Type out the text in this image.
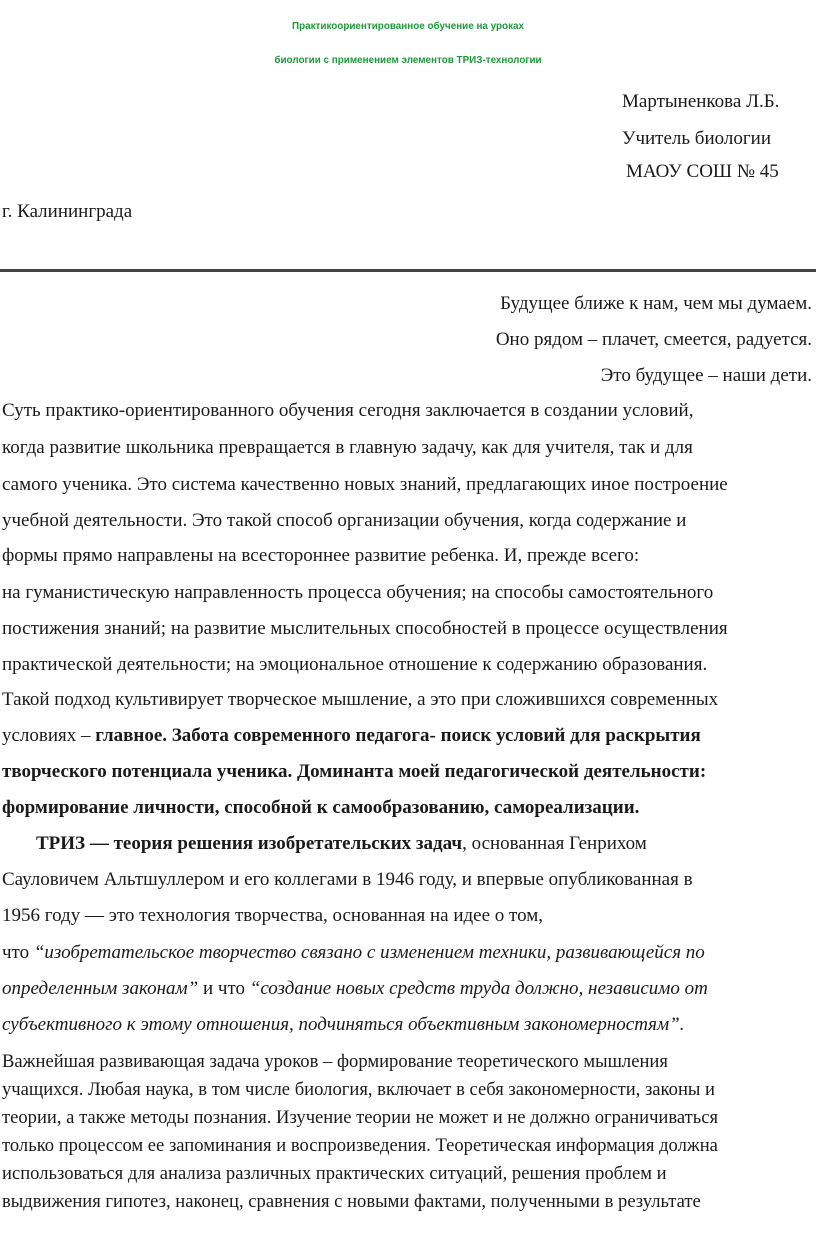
Практикоориентированное обучение на уроках
биологии с применением элементов ТРИЗ-технологии
Мартыненкова Л.Б.
Учитель биологии
МАОУ СОШ № 45
г. Калининграда
Будущее ближе к нам, чем мы думаем.
Оно рядом – плачет, смеется, радуется.
Это будущее – наши дети.
Суть практико-ориентированного обучения сегодня заключается в создании условий,
когда развитие школьника превращается в главную задачу, как для учителя, так и для
самого ученика. Это система качественно новых знаний, предлагающих иное построение
учебной деятельности. Это такой способ организации обучения, когда содержание и
формы прямо направлены на всестороннее развитие ребенка. И, прежде всего:
на гуманистическую направленность процесса обучения; на способы самостоятельного
постижения знаний; на развитие мыслительных способностей в процессе осуществления
практической деятельности; на эмоциональное отношение к содержанию образования.
Такой подход культивирует творческое мышление, а это при сложившихся современных
условиях – главное. Забота современного педагога- поиск условий для раскрытия
творческого потенциала ученика. Доминанта моей педагогической деятельности:
формирование личности, способной к самообразованию, самореализации.
ТРИЗ — теория решения изобретательских задач, основанная Генрихом
Сауловичем Альтшуллером и его коллегами в 1946 году, и впервые опубликованная в
1956 году — это технология творчества, основанная на идее о том,
что “изобретательское творчество связано с изменением техники, развивающейся по
определенным законам” и что “создание новых средств труда должно, независимо от
субъективного к этому отношения, подчиняться объективным закономерностям”.
Важнейшая развивающая задача уроков – формирование теоретического мышления
учащихся. Любая наука, в том числе биология, включает в себя закономерности, законы и
теории, а также методы познания. Изучение теории не может и не должно ограничиваться
только процессом ее запоминания и воспроизведения. Теоретическая информация должна
использоваться для анализа различных практических ситуаций, решения проблем и
выдвижения гипотез, наконец, сравнения с новыми фактами, полученными в результате
